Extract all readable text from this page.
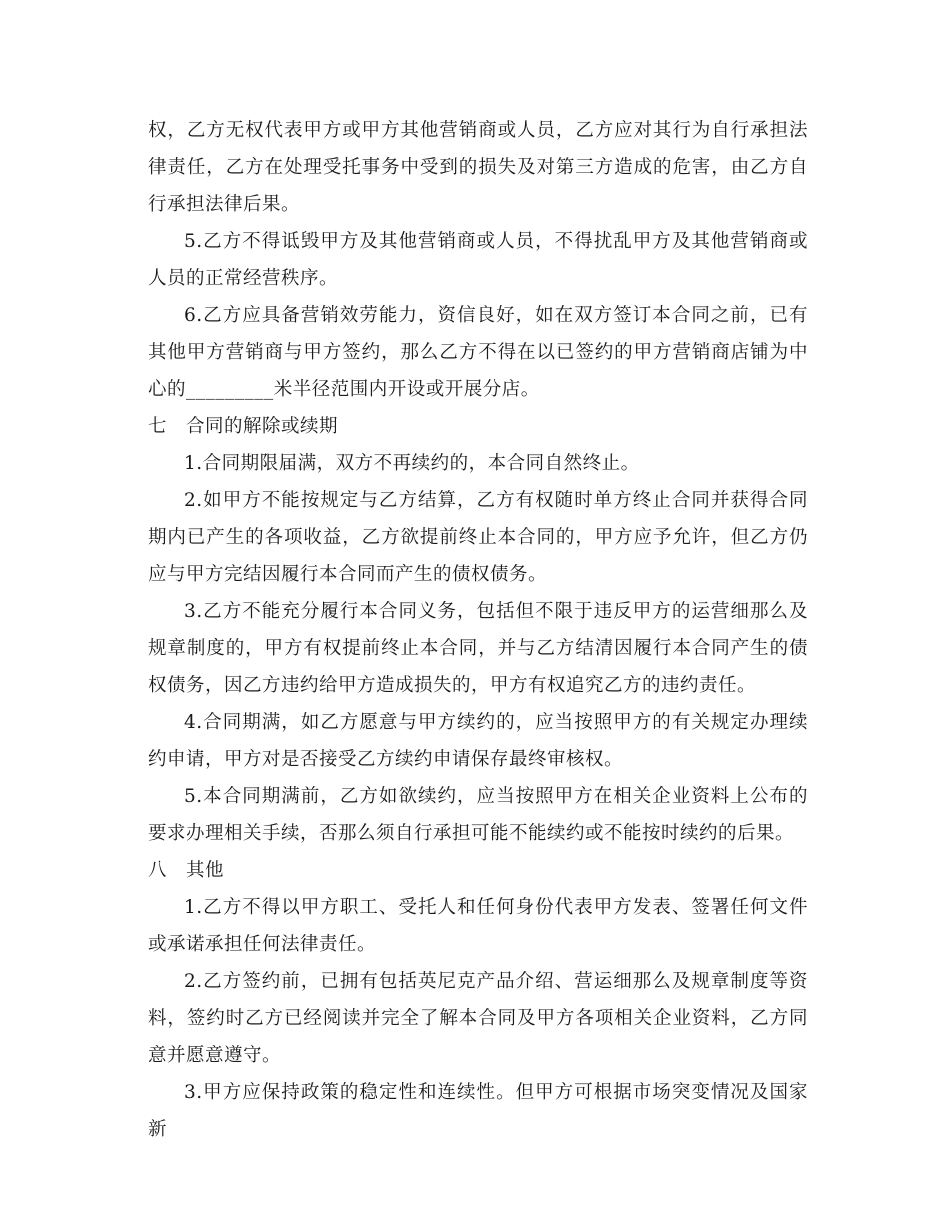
权，乙方无权代表甲方或甲方其他营销商或人员，乙方应对其行为自行承担法律责任，乙方在处理受托事务中受到的损失及对第三方造成的危害，由乙方自行承担法律后果。

5.乙方不得诋毁甲方及其他营销商或人员，不得扰乱甲方及其他营销商或人员的正常经营秩序。

6.乙方应具备营销效劳能力，资信良好，如在双方签订本合同之前，已有其他甲方营销商与甲方签约，那么乙方不得在以已签约的甲方营销商店铺为中心的_________米半径范围内开设或开展分店。

七　合同的解除或续期

1.合同期限届满，双方不再续约的，本合同自然终止。

2.如甲方不能按规定与乙方结算，乙方有权随时单方终止合同并获得合同期内已产生的各项收益，乙方欲提前终止本合同的，甲方应予允许，但乙方仍应与甲方完结因履行本合同而产生的债权债务。

3.乙方不能充分履行本合同义务，包括但不限于违反甲方的运营细那么及规章制度的，甲方有权提前终止本合同，并与乙方结清因履行本合同产生的债权债务，因乙方违约给甲方造成损失的，甲方有权追究乙方的违约责任。

4.合同期满，如乙方愿意与甲方续约的，应当按照甲方的有关规定办理续约申请，甲方对是否接受乙方续约申请保存最终审核权。

5.本合同期满前，乙方如欲续约，应当按照甲方在相关企业资料上公布的要求办理相关手续，否那么须自行承担可能不能续约或不能按时续约的后果。

八　其他

1.乙方不得以甲方职工、受托人和任何身份代表甲方发表、签署任何文件或承诺承担任何法律责任。

2.乙方签约前，已拥有包括英尼克产品介绍、营运细那么及规章制度等资料，签约时乙方已经阅读并完全了解本合同及甲方各项相关企业资料，乙方同意并愿意遵守。

3.甲方应保持政策的稳定性和连续性。但甲方可根据市场突变情况及国家新
